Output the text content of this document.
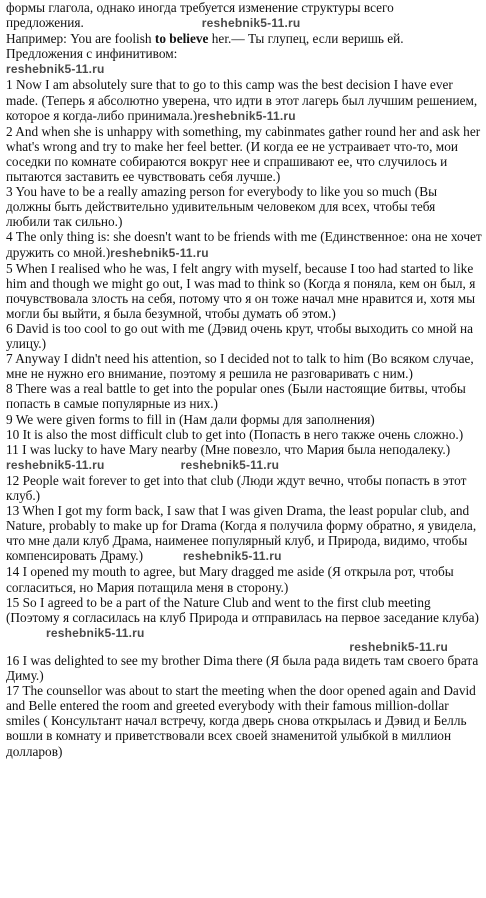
формы глагола, однако иногда требуется изменение структуры всего
предложения.	reshebnik5-11.ru

Например: You are foolish to believe her.— Ты глупец, если веришь ей.

Предложения с инфинитивом:

reshebnik5-11.ru

1 Now I am absolutely sure that to go to this camp was the best decision I have ever made. (Теперь я абсолютно уверена, что идти в этот лагерь был лучшим решением, которое я когда-либо принимала.)reshebnik5-11.ru

2 And when she is unhappy with something, my cabinmates gather round her and ask her what's wrong and try to make her feel better. (И когда ее не устраивает что-то, мои соседки по комнате собираются вокруг нее и спрашивают ее, что случилось и пытаются заставить ее чувствовать себя лучше.)

3 You have to be a really amazing person for everybody to like you so much (Вы должны быть действительно удивительным человеком для всех, чтобы тебя любили так сильно.)

4 The only thing is: she doesn't want to be friends with me (Единственное: она не хочет дружить со мной.)reshebnik5-11.ru

5 When I realised who he was, I felt angry with myself, because I too had started to like him and though we might go out, I was mad to think so (Когда я поняла, кем он был, я почувствовала злость на себя, потому что я он тоже начал мне нравится и, хотя мы могли бы выйти, я была безумной, чтобы думать об этом.)

6 David is too cool to go out with me (Дэвид очень крут, чтобы выходить со мной на улицу.)

7 Anyway I didn't need his attention, so I decided not to talk to him (Во всяком случае, мне не нужно его внимание, поэтому я решила не разговаривать с ним.)

8 There was a real battle to get into the popular ones (Были настоящие битвы, чтобы попасть в самые популярные из них.)

9 We were given forms to fill in (Нам дали формы для заполнения)

10 It is also the most difficult club to get into (Попасть в него также очень сложно.)

11 I was lucky to have Mary nearby (Мне повезло, что Мария была неподалеку.)reshebnik5-11.ru	reshebnik5-11.ru

12 People wait forever to get into that club (Люди ждут вечно, чтобы попасть в этот клуб.)

13 When I got my form back, I saw that I was given Drama, the least popular club, and Nature, probably to make up for Drama (Когда я получила форму обратно, я увидела, что мне дали клуб Драма, наименее популярный клуб, и Природа, видимо, чтобы компенсировать Драму.)	reshebnik5-11.ru

14 I opened my mouth to agree, but Mary dragged me aside (Я открыла рот, чтобы согласиться, но Мария потащила меня в сторону.)

15 So I agreed to be a part of the Nature Club and went to the first club meeting (Поэтому я согласилась на клуб Природа и отправилась на первое заседание клуба)reshebnik5-11.ru

reshebnik5-11.ru

16 I was delighted to see my brother Dima there (Я была рада видеть там своего брата Диму.)

17 The counsellor was about to start the meeting when the door opened again and David and Belle entered the room and greeted everybody with their famous million-dollar smiles ( Консультант начал встречу, когда дверь снова открылась и Дэвид и Белль вошли в комнату и приветствовали всех своей знаменитой улыбкой в миллион долларов)
